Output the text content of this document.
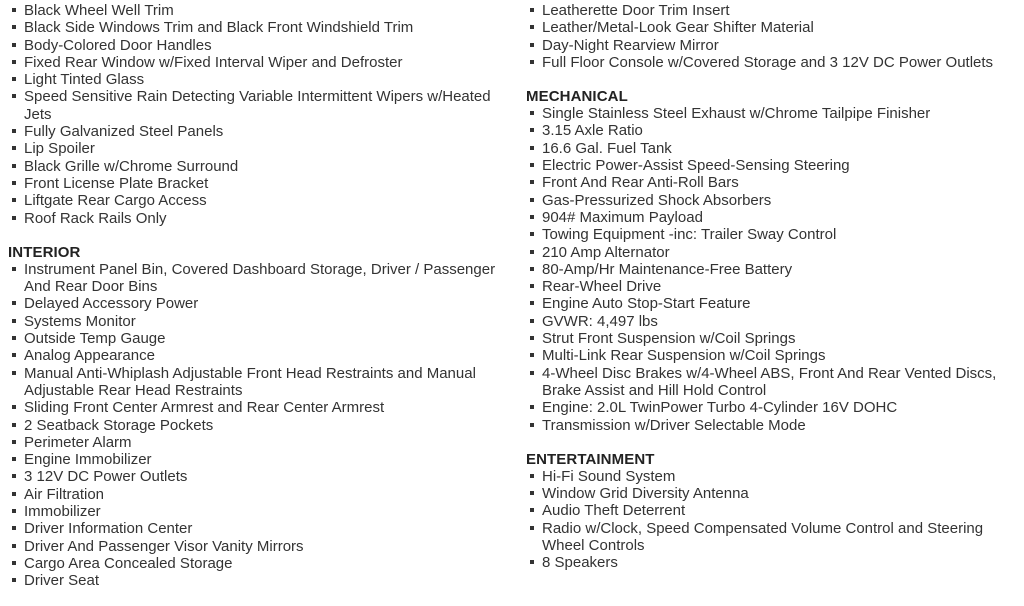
Black Wheel Well Trim
Black Side Windows Trim and Black Front Windshield Trim
Body-Colored Door Handles
Fixed Rear Window w/Fixed Interval Wiper and Defroster
Light Tinted Glass
Speed Sensitive Rain Detecting Variable Intermittent Wipers w/Heated Jets
Fully Galvanized Steel Panels
Lip Spoiler
Black Grille w/Chrome Surround
Front License Plate Bracket
Liftgate Rear Cargo Access
Roof Rack Rails Only
INTERIOR
Instrument Panel Bin, Covered Dashboard Storage, Driver / Passenger And Rear Door Bins
Delayed Accessory Power
Systems Monitor
Outside Temp Gauge
Analog Appearance
Manual Anti-Whiplash Adjustable Front Head Restraints and Manual Adjustable Rear Head Restraints
Sliding Front Center Armrest and Rear Center Armrest
2 Seatback Storage Pockets
Perimeter Alarm
Engine Immobilizer
3 12V DC Power Outlets
Air Filtration
Immobilizer
Driver Information Center
Driver And Passenger Visor Vanity Mirrors
Cargo Area Concealed Storage
Driver Seat
Leatherette Door Trim Insert
Leather/Metal-Look Gear Shifter Material
Day-Night Rearview Mirror
Full Floor Console w/Covered Storage and 3 12V DC Power Outlets
MECHANICAL
Single Stainless Steel Exhaust w/Chrome Tailpipe Finisher
3.15 Axle Ratio
16.6 Gal. Fuel Tank
Electric Power-Assist Speed-Sensing Steering
Front And Rear Anti-Roll Bars
Gas-Pressurized Shock Absorbers
904# Maximum Payload
Towing Equipment -inc: Trailer Sway Control
210 Amp Alternator
80-Amp/Hr Maintenance-Free Battery
Rear-Wheel Drive
Engine Auto Stop-Start Feature
GVWR: 4,497 lbs
Strut Front Suspension w/Coil Springs
Multi-Link Rear Suspension w/Coil Springs
4-Wheel Disc Brakes w/4-Wheel ABS, Front And Rear Vented Discs, Brake Assist and Hill Hold Control
Engine: 2.0L TwinPower Turbo 4-Cylinder 16V DOHC
Transmission w/Driver Selectable Mode
ENTERTAINMENT
Hi-Fi Sound System
Window Grid Diversity Antenna
Audio Theft Deterrent
Radio w/Clock, Speed Compensated Volume Control and Steering Wheel Controls
8 Speakers
